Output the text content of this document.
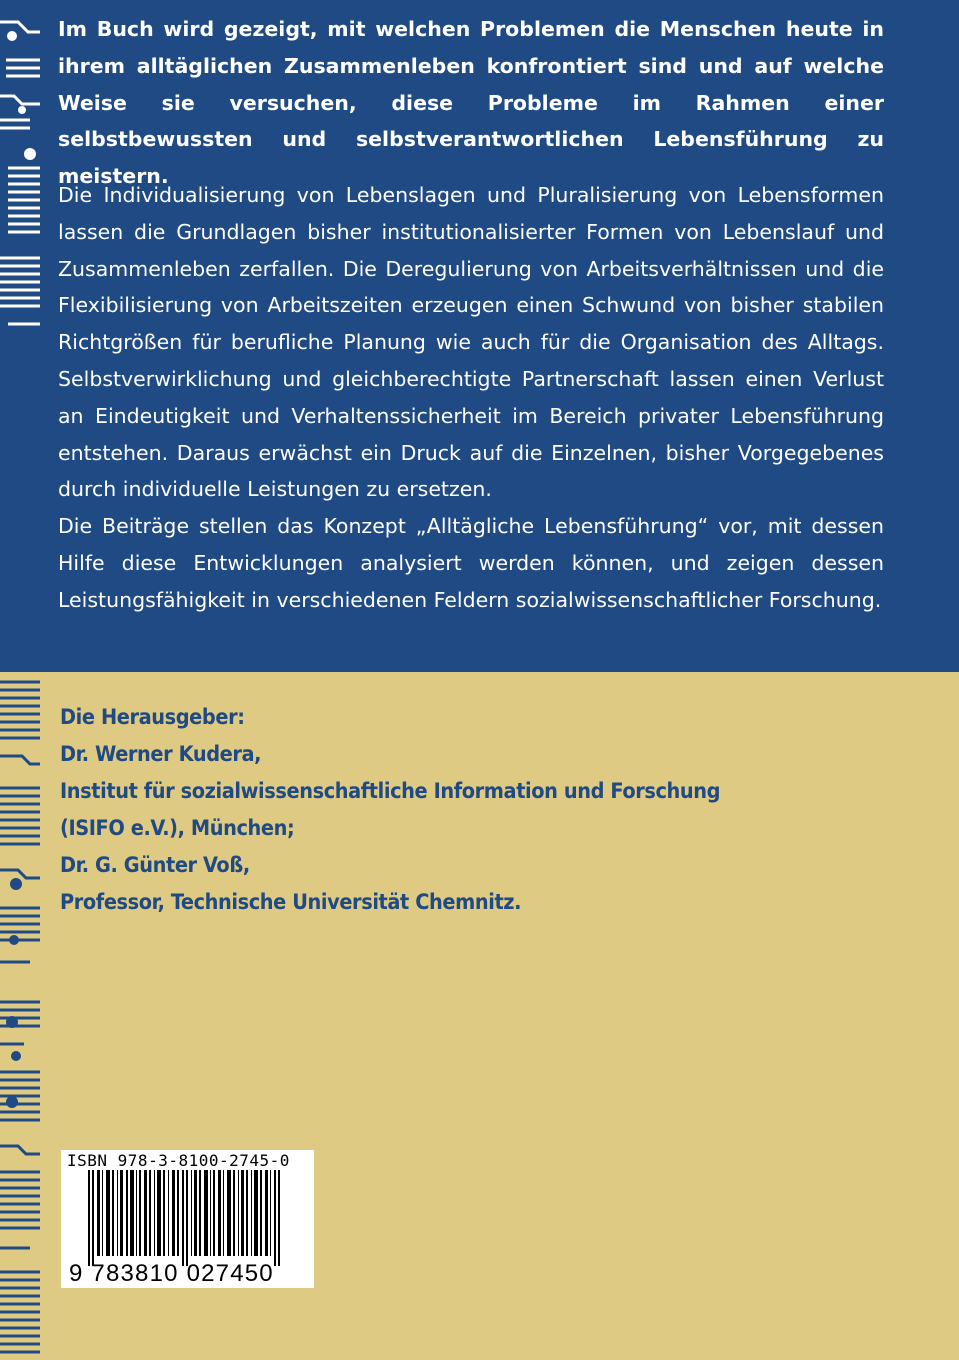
Im Buch wird gezeigt, mit welchen Problemen die Menschen heute in ihrem alltäglichen Zusammenleben konfrontiert sind und auf welche Weise sie versuchen, diese Probleme im Rahmen einer selbstbewussten und selbstverantwortlichen Lebensführung zu meistern.

Die Individualisierung von Lebenslagen und Pluralisierung von Lebensformen lassen die Grundlagen bisher institutionalisierter Formen von Lebenslauf und Zusammenleben zerfallen. Die Deregulierung von Arbeitsverhältnissen und die Flexibilisierung von Arbeitszeiten erzeugen einen Schwund von bisher stabilen Richtgrößen für berufliche Planung wie auch für die Organisation des Alltags. Selbstverwirklichung und gleichberechtigte Partnerschaft lassen einen Verlust an Eindeutigkeit und Verhaltenssicherheit im Bereich privater Lebensführung entstehen. Daraus erwächst ein Druck auf die Einzelnen, bisher Vorgegebenes durch individuelle Leistungen zu ersetzen.

Die Beiträge stellen das Konzept „Alltägliche Lebensführung“ vor, mit dessen Hilfe diese Entwicklungen analysiert werden können, und zeigen dessen Leistungsfähigkeit in verschiedenen Feldern sozialwissenschaftlicher Forschung.

Die Herausgeber:
Dr. Werner Kudera,
Institut für sozialwissenschaftliche Information und Forschung
(ISIFO e.V.), München;
Dr. G. Günter Voß,
Professor, Technische Universität Chemnitz.
ISBN 978-3-8100-2745-0
9 783810 027450
